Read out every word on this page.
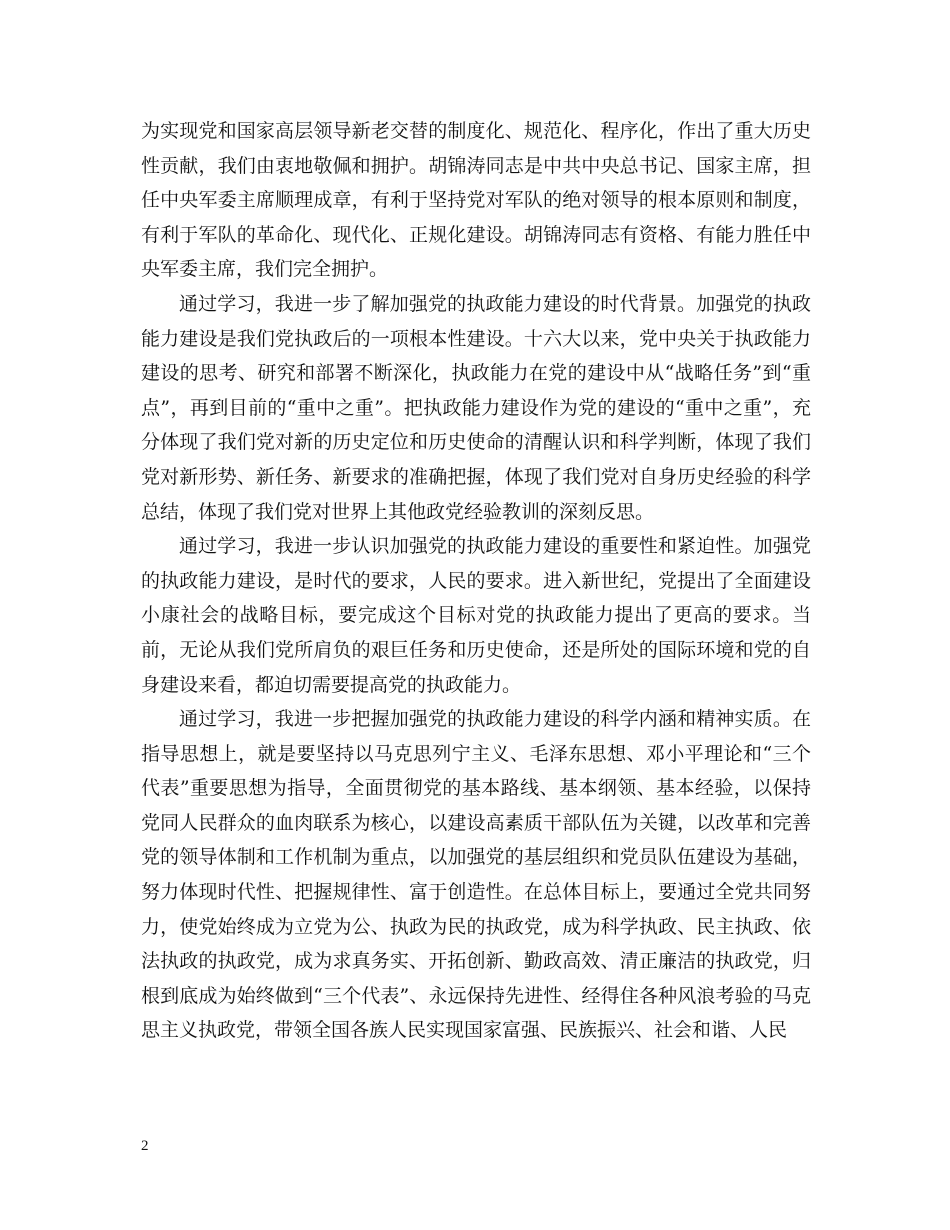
为实现党和国家高层领导新老交替的制度化、规范化、程序化，作出了重大历史性贡献，我们由衷地敬佩和拥护。胡锦涛同志是中共中央总书记、国家主席，担任中央军委主席顺理成章，有利于坚持党对军队的绝对领导的根本原则和制度，有利于军队的革命化、现代化、正规化建设。胡锦涛同志有资格、有能力胜任中央军委主席，我们完全拥护。

通过学习，我进一步了解加强党的执政能力建设的时代背景。加强党的执政能力建设是我们党执政后的一项根本性建设。十六大以来，党中央关于执政能力建设的思考、研究和部署不断深化，执政能力在党的建设中从“战略任务”到“重点”，再到目前的“重中之重”。把执政能力建设作为党的建设的“重中之重”，充分体现了我们党对新的历史定位和历史使命的清醒认识和科学判断，体现了我们党对新形势、新任务、新要求的准确把握，体现了我们党对自身历史经验的科学总结，体现了我们党对世界上其他政党经验教训的深刻反思。

通过学习，我进一步认识加强党的执政能力建设的重要性和紧迫性。加强党的执政能力建设，是时代的要求，人民的要求。进入新世纪，党提出了全面建设小康社会的战略目标，要完成这个目标对党的执政能力提出了更高的要求。当前，无论从我们党所肩负的艰巨任务和历史使命，还是所处的国际环境和党的自身建设来看，都迫切需要提高党的执政能力。

通过学习，我进一步把握加强党的执政能力建设的科学内涵和精神实质。在指导思想上，就是要坚持以马克思列宁主义、毛泽东思想、邓小平理论和“三个代表”重要思想为指导，全面贯彻党的基本路线、基本纲领、基本经验，以保持党同人民群众的血肉联系为核心，以建设高素质干部队伍为关键，以改革和完善党的领导体制和工作机制为重点，以加强党的基层组织和党员队伍建设为基础，努力体现时代性、把握规律性、富于创造性。在总体目标上，要通过全党共同努力，使党始终成为立党为公、执政为民的执政党，成为科学执政、民主执政、依法执政的执政党，成为求真务实、开拓创新、勤政高效、清正廉洁的执政党，归根到底成为始终做到“三个代表”、永远保持先进性、经得住各种风浪考验的马克思主义执政党，带领全国各族人民实现国家富强、民族振兴、社会和谐、人民

2
